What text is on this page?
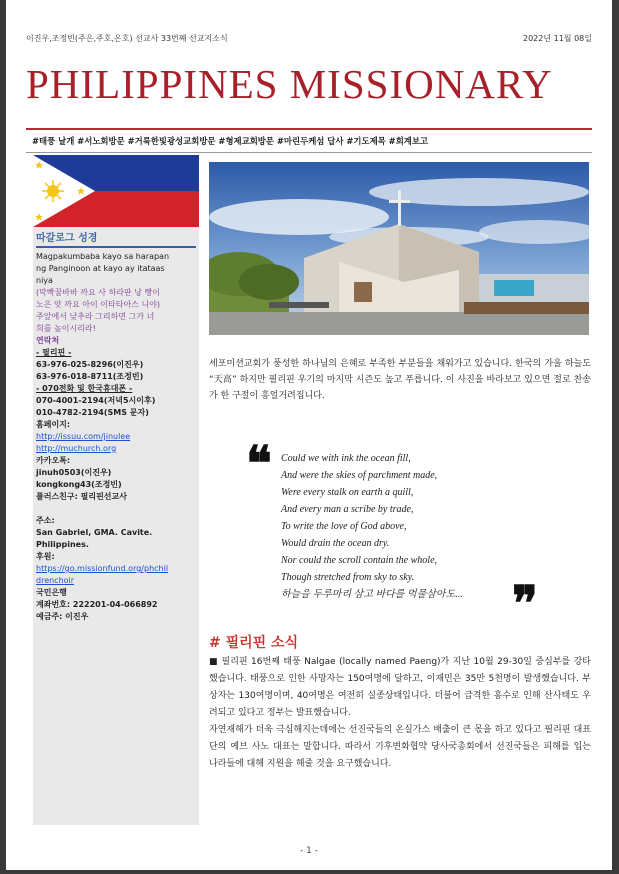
이진우,조정빈(주은,주호,온호) 선교사 33번째 선교지소식	2022년 11월 08일
PHILIPPINES MISSIONARY
#태풍 날개 #서노회방문 #거룩한빛광성교회방문 #형제교회방문 #마린두케섬 답사 #기도제목 #회계보고
따갈로그 성경
Magpakumbaba kayo sa harapan
ng Panginoon at kayo ay itataas
niya
(막빡꿈바바 까요 사 하라판 낭 빵이
노은 앗 까요 아이 이타타아스 니야)
주앞에서 낮추라 그리하면 그가 너
희를 높이시리라!
연락처
- 필리핀 -
63-976-025-8296(이진우)
63-976-018-8711(조정빈)
- 070전화 및 한국휴대폰 -
070-4001-2194(저녁5시이후)
010-4782-2194(SMS 문자)
홈페이지:
http://issuu.com/jinulee
http://muchurch.org
카카오톡:
jinuh0503(이진우)
kongkong43(조정빈)
플러스친구: 필리핀선교사
주소:
San Gabriel, GMA. Cavite.
Philippines.
후원:
https://go.missionfund.org/phchil
drenchoir
국민은행
계좌번호: 222201-04-066892
예금주: 이진우
세포미션교회가 풍성한 하나님의 은혜로 부족한 부분들을 채워가고 있습니다. 한국의 가을 하늘도 “天高” 하지만 필리핀 우기의 마지막 시즌도 높고 푸릅니다. 이 사진을 바라보고 있으면 절로 찬송가 한 구절이 흥얼거려집니다.
❝ Could we with ink the ocean fill,
And were the skies of parchment made,
Were every stalk on earth a quill,
And every man a scribe by trade,
To write the love of God above,
Would drain the ocean dry.
Nor could the scroll contain the whole,
Though stretched from sky to sky.
하늘을 두루마리 삼고 바다를 먹물삼아도...	❞
# 필리핀 소식
■ 필리핀 16번째 태풍 Nalgae (locally named Paeng)가 지난 10월 29-30일 중심부를 강타했습니다. 태풍으로 인한 사망자는 150여명에 달하고, 이재민은 35만 5천명이 발생했습니다. 부상자는 130여명이며, 40여명은 여전히 실종상태입니다. 더불어 급격한 홍수로 인해 산사태도 우려되고 있다고 정부는 발표했습니다.
자연재해가 더욱 극심해지는데에는 선진국들의 온실가스 배출이 큰 몫을 하고 있다고 필리핀 대표단의 예브 사노 대표는 말합니다. 따라서 기후변화협약 당사국총회에서 선진국들은 피해를 입는 나라들에 대해 지원을 해줄 것을 요구했습니다.
- 1 -
